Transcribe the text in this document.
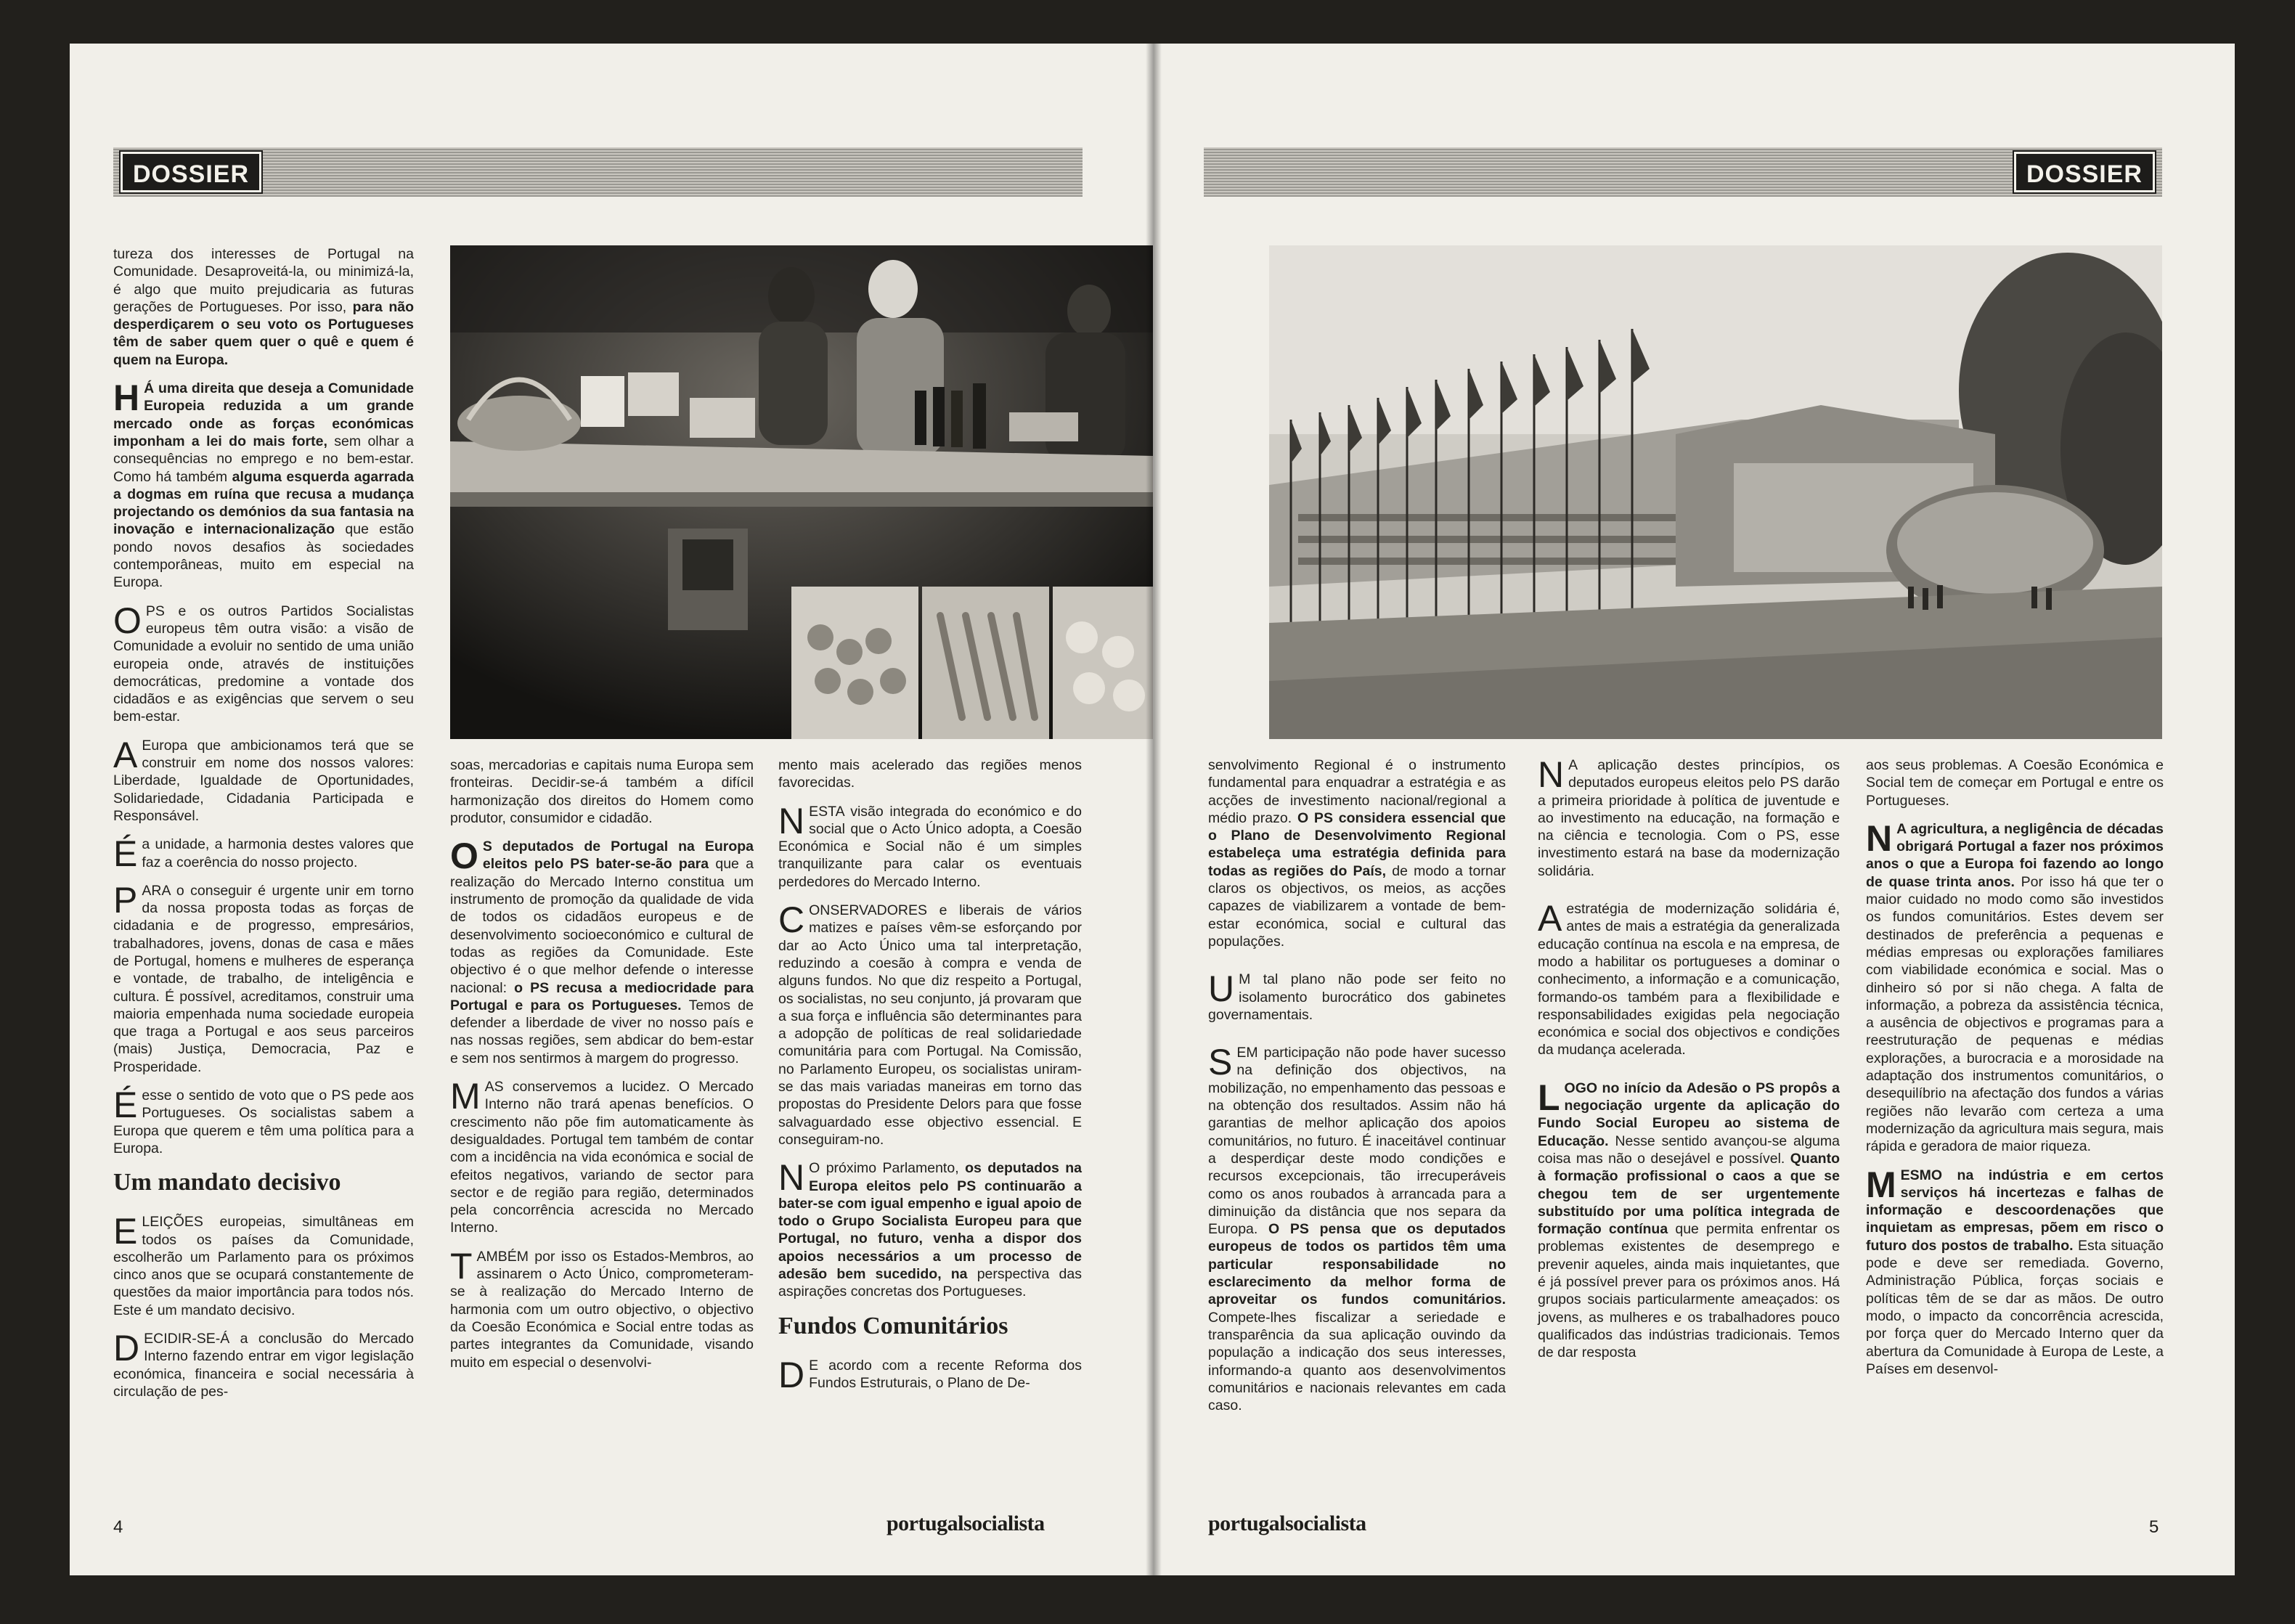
DOSSIER

tureza dos interesses de Portugal na Comunidade. Desaproveitá-la, ou minimizá-la, é algo que muito prejudicaria as futuras gerações de Portugueses. Por isso, para não desperdiçarem o seu voto os Portugueses têm de saber quem quer o quê e quem é quem na Europa.

H Á uma direita que deseja a Comunidade Europeia reduzida a um grande mercado onde as forças económicas imponham a lei do mais forte, sem olhar a consequências no emprego e no bem-estar. Como há também alguma esquerda agarrada a dogmas em ruína que recusa a mudança projectando os demónios da sua fantasia na inovação e internacionalização que estão pondo novos desafios às sociedades contemporâneas, muito em especial na Europa.

OPS e os outros Partidos Socialistas europeus têm outra visão: a visão de Comunidade a evoluir no sentido de uma união europeia onde, através de instituições democráticas, predomine a vontade dos cidadãos e as exigências que servem o seu bem-estar.

A Europa que ambicionamos terá que se construir em nome dos nossos valores: Liberdade, Igualdade de Oportunidades, Solidariedade, Cidadania Participada e Responsável.

Éa unidade, a harmonia destes valores que faz a coerência do nosso projecto.

PARA o conseguir é urgente unir em torno da nossa proposta todas as forças de cidadania e de progresso, empresários, trabalhadores, jovens, donas de casa e mães de Portugal, homens e mulheres de esperança e vontade, de trabalho, de inteligência e cultura. É possível, acreditamos, construir uma maioria empenhada numa sociedade europeia que traga a Portugal e aos seus parceiros (mais) Justiça, Democracia, Paz e Prosperidade.

Éesse o sentido de voto que o PS pede aos Portugueses. Os socialistas sabem a Europa que querem e têm uma política para a Europa.

Um mandato decisivo

ELEIÇÕES europeias, simultâneas em todos os países da Comunidade, escolherão um Parlamento para os próximos cinco anos que se ocupará constantemente de questões da maior importância para todos nós. Este é um mandato decisivo.

DECIDIR-SE-Á a conclusão do Mercado Interno fazendo entrar em vigor legislação económica, financeira e social necessária à circulação de pes-

soas, mercadorias e capitais numa Europa sem fronteiras. Decidir-se-á também a difícil harmonização dos direitos do Homem como produtor, consumidor e cidadão.

O S deputados de Portugal na Europa eleitos pelo PS bater-se-ão para que a realização do Mercado Interno constitua um instrumento de promoção da qualidade de vida de todos os cidadãos europeus e de desenvolvimento socioeconómico e cultural de todas as regiões da Comunidade. Este objectivo é o que melhor defende o interesse nacional: o PS recusa a mediocridade para Portugal e para os Portugueses. Temos de defender a liberdade de viver no nosso país e nas nossas regiões, sem abdicar do bem-estar e sem nos sentirmos à margem do progresso.

MAS conservemos a lucidez. O Mercado Interno não trará apenas benefícios. O crescimento não põe fim automaticamente às desigualdades. Portugal tem também de contar com a incidência na vida económica e social de efeitos negativos, variando de sector para sector e de região para região, determinados pela concorrência acrescida no Mercado Interno.

TAMBÉM por isso os Estados-Membros, ao assinarem o Acto Único, comprometeram-se à realização do Mercado Interno de harmonia com um outro objectivo, o objectivo da Coesão Económica e Social entre todas as partes integrantes da Comunidade, visando muito em especial o desenvolvi-

mento mais acelerado das regiões menos favorecidas.

NESTA visão integrada do económico e do social que o Acto Único adopta, a Coesão Económica e Social não é um simples tranquilizante para calar os eventuais perdedores do Mercado Interno.

CONSERVADORES e liberais de vários matizes e países vêm-se esforçando por dar ao Acto Único uma tal interpretação, reduzindo a coesão à compra e venda de alguns fundos. No que diz respeito a Portugal, os socialistas, no seu conjunto, já provaram que a sua força e influência são determinantes para a adopção de políticas de real solidariedade comunitária para com Portugal. Na Comissão, no Parlamento Europeu, os socialistas uniram-se das mais variadas maneiras em torno das propostas do Presidente Delors para que fosse salvaguardado esse objectivo essencial. E conseguiram-no.

N O próximo Parlamento, os deputados na Europa eleitos pelo PS continuarão a bater-se com igual empenho e igual apoio de todo o Grupo Socialista Europeu para que Portugal, no futuro, venha a dispor dos apoios necessários a um processo de adesão bem sucedido, na perspectiva das aspirações concretas dos Portugueses.

Fundos Comunitários

D E acordo com a recente Reforma dos Fundos Estruturais, o Plano de De-

4	portugalsocialista
DOSSIER

senvolvimento Regional é o instrumento fundamental para enquadrar a estratégia e as acções de investimento nacional/regional a médio prazo. O PS considera essencial que o Plano de Desenvolvimento Regional estabeleça uma estratégia definida para todas as regiões do País, de modo a tornar claros os objectivos, os meios, as acções capazes de viabilizarem a vontade de bem-estar económica, social e cultural das populações.

U M tal plano não pode ser feito no isolamento burocrático dos gabinetes governamentais.

SEM participação não pode haver sucesso na definição dos objectivos, na mobilização, no empenhamento das pessoas e na obtenção dos resultados. Assim não há garantias de melhor aplicação dos apoios comunitários, no futuro. É inaceitável continuar a desperdiçar deste modo condições e recursos excepcionais, tão irrecuperáveis como os anos roubados à arrancada para a diminuição da distância que nos separa da Europa. O PS pensa que os deputados europeus de todos os partidos têm uma particular responsabilidade no esclarecimento da melhor forma de aproveitar os fundos comunitários. Compete-lhes fiscalizar a seriedade e transparência da sua aplicação ouvindo da população a indicação dos seus interesses, informando-a quanto aos desenvolvimentos comunitários e nacionais relevantes em cada caso.

N A aplicação destes princípios, os deputados europeus eleitos pelo PS darão a primeira prioridade à política de juventude e ao investimento na educação, na formação e na ciência e tecnologia. Com o PS, esse investimento estará na base da modernização solidária.

Aestratégia de modernização solidária é, antes de mais a estratégia da generalizada educação contínua na escola e na empresa, de modo a habilitar os portugueses a dominar o conhecimento, a informação e a comunicação, formando-os também para a flexibilidade e responsabilidades exigidas pela negociação económica e social dos objectivos e condições da mudança acelerada.

LOGO no início da Adesão o PS propôs a negociação urgente da aplicação do Fundo Social Europeu ao sistema de Educação. Nesse sentido avançou-se alguma coisa mas não o desejável e possível. Quanto à formação profissional o caos a que se chegou tem de ser urgentemente substituído por uma política integrada de formação contínua que permita enfrentar os problemas existentes de desemprego e prevenir aqueles, ainda mais inquietantes, que é já possível prever para os próximos anos. Há grupos sociais particularmente ameaçados: os jovens, as mulheres e os trabalhadores pouco qualificados das indústrias tradicionais. Temos de dar resposta

aos seus problemas. A Coesão Económica e Social tem de começar em Portugal e entre os Portugueses.

N A agricultura, a negligência de décadas obrigará Portugal a fazer nos próximos anos o que a Europa foi fazendo ao longo de quase trinta anos. Por isso há que ter o maior cuidado no modo como são investidos os fundos comunitários. Estes devem ser destinados de preferência a pequenas e médias empresas ou explorações familiares com viabilidade económica e social. Mas o dinheiro só por si não chega. A falta de informação, a pobreza da assistência técnica, a ausência de objectivos e programas para a reestruturação de pequenas e médias explorações, a burocracia e a morosidade na adaptação dos instrumentos comunitários, o desequilíbrio na afectação dos fundos a várias regiões não levarão com certeza a uma modernização da agricultura mais segura, mais rápida e geradora de maior riqueza.

MESMO na indústria e em certos serviços há incertezas e falhas de informação e descoordenações que inquietam as empresas, põem em risco o futuro dos postos de trabalho. Esta situação pode e deve ser remediada. Governo, Administração Pública, forças sociais e políticas têm de se dar as mãos. De outro modo, o impacto da concorrência acrescida, por força quer do Mercado Interno quer da abertura da Comunidade à Europa de Leste, a Países em desenvol-

portugalsocialista	5
